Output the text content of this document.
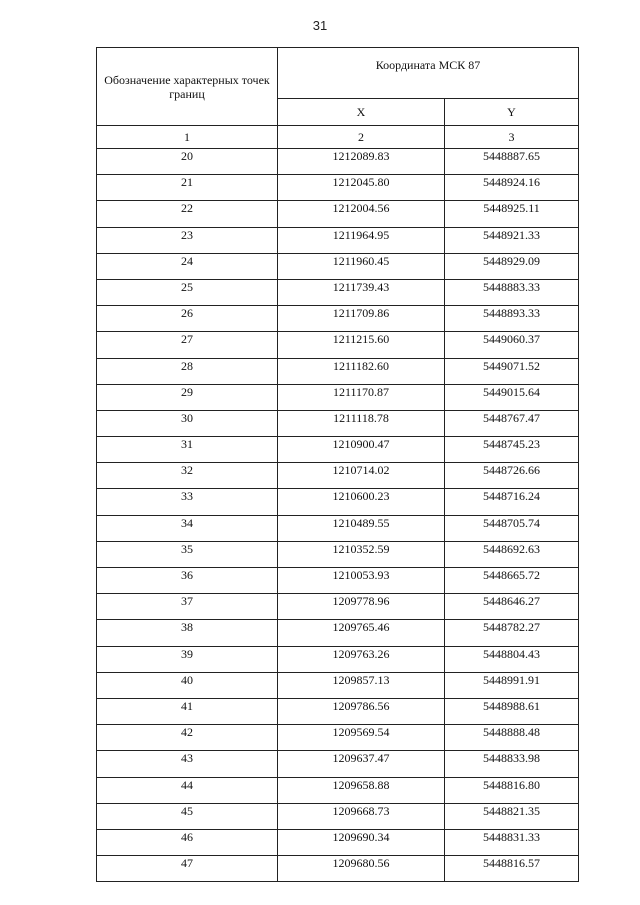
31
Обозначение характерных точек границ	Координата МСК 87	
	X	Y
1	2	3
20	1212089.83	5448887.65
21	1212045.80	5448924.16
22	1212004.56	5448925.11
23	1211964.95	5448921.33
24	1211960.45	5448929.09
25	1211739.43	5448883.33
26	1211709.86	5448893.33
27	1211215.60	5449060.37
28	1211182.60	5449071.52
29	1211170.87	5449015.64
30	1211118.78	5448767.47
31	1210900.47	5448745.23
32	1210714.02	5448726.66
33	1210600.23	5448716.24
34	1210489.55	5448705.74
35	1210352.59	5448692.63
36	1210053.93	5448665.72
37	1209778.96	5448646.27
38	1209765.46	5448782.27
39	1209763.26	5448804.43
40	1209857.13	5448991.91
41	1209786.56	5448988.61
42	1209569.54	5448888.48
43	1209637.47	5448833.98
44	1209658.88	5448816.80
45	1209668.73	5448821.35
46	1209690.34	5448831.33
47	1209680.56	5448816.57
